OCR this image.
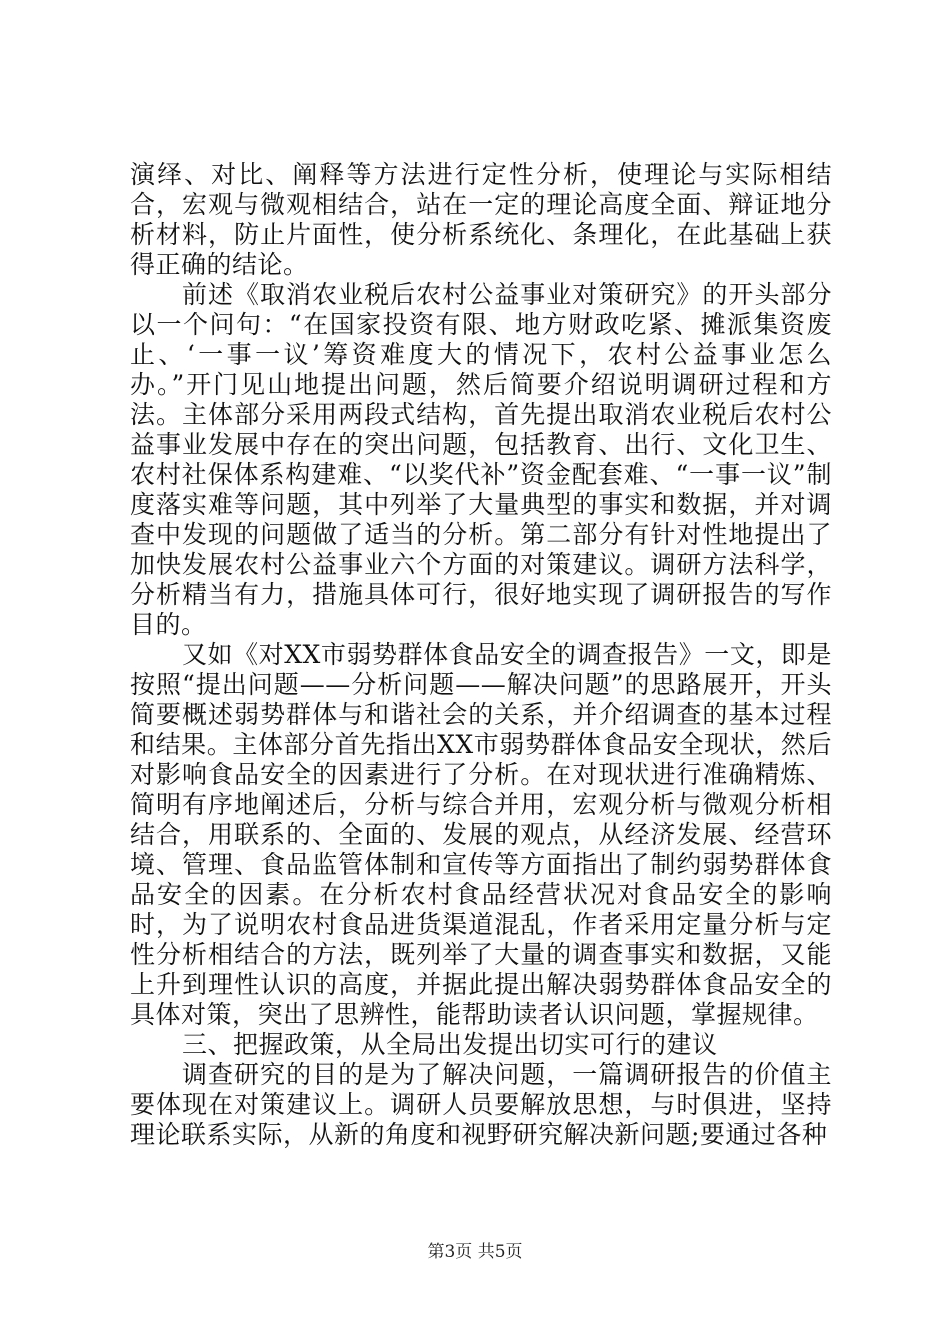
演绎、对比、阐释等方法进行定性分析，使理论与实际相结合，宏观与微观相结合，站在一定的理论高度全面、辩证地分析材料，防止片面性，使分析系统化、条理化，在此基础上获得正确的结论。

前述《取消农业税后农村公益事业对策研究》的开头部分以一个问句：“在国家投资有限、地方财政吃紧、摊派集资废止、‘一事一议’筹资难度大的情况下，农村公益事业怎么办。”开门见山地提出问题，然后简要介绍说明调研过程和方法。主体部分采用两段式结构，首先提出取消农业税后农村公益事业发展中存在的突出问题，包括教育、出行、文化卫生、农村社保体系构建难、“以奖代补”资金配套难、“一事一议”制度落实难等问题，其中列举了大量典型的事实和数据，并对调查中发现的问题做了适当的分析。第二部分有针对性地提出了加快发展农村公益事业六个方面的对策建议。调研方法科学，分析精当有力，措施具体可行，很好地实现了调研报告的写作目的。

又如《对XX市弱势群体食品安全的调查报告》一文，即是按照“提出问题——分析问题——解决问题”的思路展开，开头简要概述弱势群体与和谐社会的关系，并介绍调查的基本过程和结果。主体部分首先指出XX市弱势群体食品安全现状，然后对影响食品安全的因素进行了分析。在对现状进行准确精炼、简明有序地阐述后，分析与综合并用，宏观分析与微观分析相结合，用联系的、全面的、发展的观点，从经济发展、经营环境、管理、食品监管体制和宣传等方面指出了制约弱势群体食品安全的因素。在分析农村食品经营状况对食品安全的影响时，为了说明农村食品进货渠道混乱，作者采用定量分析与定性分析相结合的方法，既列举了大量的调查事实和数据，又能上升到理性认识的高度，并据此提出解决弱势群体食品安全的具体对策，突出了思辨性，能帮助读者认识问题，掌握规律。

三、把握政策，从全局出发提出切实可行的建议

调查研究的目的是为了解决问题，一篇调研报告的价值主要体现在对策建议上。调研人员要解放思想，与时俱进，坚持理论联系实际，从新的角度和视野研究解决新问题;要通过各种

第3页 共5页
